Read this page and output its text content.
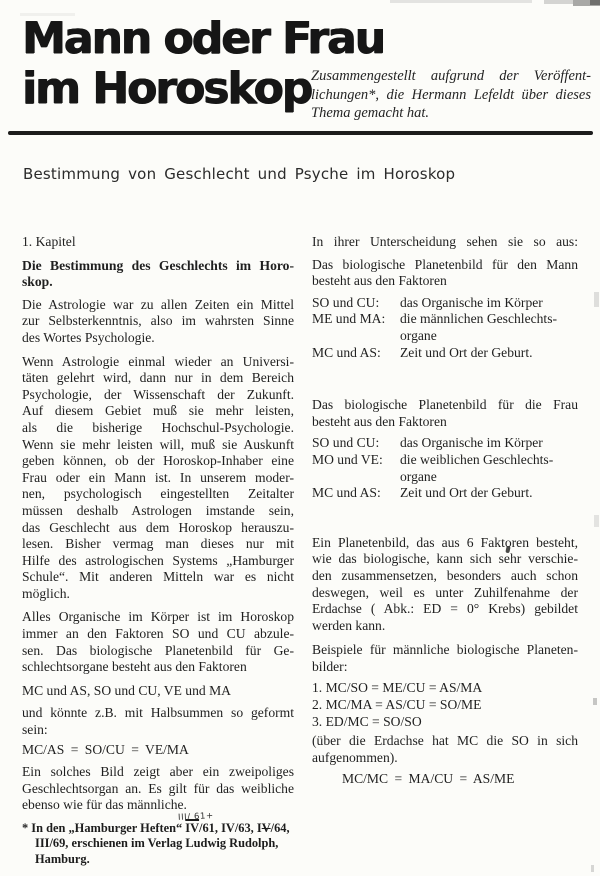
Mann oder Frau
im Horoskop Zusammengestellt aufgrund der Veröffent-
lichungen*, die Hermann Lefeldt über dieses
Thema gemacht hat.
Bestimmung von Geschlecht und Psyche im Horoskop
1. Kapitel
Die Bestimmung des Geschlechts im Horo-
skop.
Die Astrologie war zu allen Zeiten ein Mittel
zur Selbsterkenntnis, also im wahrsten Sinne
des Wortes Psychologie.
Wenn Astrologie einmal wieder an Universi-
täten gelehrt wird, dann nur in dem Bereich
Psychologie, der Wissenschaft der Zukunft.
Auf diesem Gebiet muß sie mehr leisten,
als die bisherige Hochschul-Psychologie.
Wenn sie mehr leisten will, muß sie Auskunft
geben können, ob der Horoskop-Inhaber eine
Frau oder ein Mann ist. In unserem moder-
nen, psychologisch eingestellten Zeitalter
müssen deshalb Astrologen imstande sein,
das Geschlecht aus dem Horoskop herauszu-
lesen. Bisher vermag man dieses nur mit
Hilfe des astrologischen Systems „Hamburger
Schule“. Mit anderen Mitteln war es nicht
möglich.
Alles Organische im Körper ist im Horoskop
immer an den Faktoren SO und CU abzule-
sen. Das biologische Planetenbild für Ge-
schlechtsorgane besteht aus den Faktoren
MC und AS, SO und CU, VE und MA
und könnte z.B. mit Halbsummen so geformt
sein:
MC/AS = SO/CU = VE/MA
Ein solches Bild zeigt aber ein zweipoliges
Geschlechtsorgan an. Es gilt für das weibliche
ebenso wie für das männliche.
In ihrer Unterscheidung sehen sie so aus:
Das biologische Planetenbild für den Mann
besteht aus den Faktoren
SO und CU:	das Organische im Körper
ME und MA:	die männlichen Geschlechts-
organe
MC und AS:	Zeit und Ort der Geburt.
Das biologische Planetenbild für die Frau
besteht aus den Faktoren
SO und CU:	das Organische im Körper
MO und VE:	die weiblichen Geschlechts-
organe
MC und AS:	Zeit und Ort der Geburt.
Ein Planetenbild, das aus 6 Faktoren besteht,
wie das biologische, kann sich sehr verschie-
den zusammensetzen, besonders auch schon
deswegen, weil es unter Zuhilfenahme der
Erdachse ( Abk.: ED = 0° Krebs) gebildet
werden kann.
Beispiele für männliche biologische Planeten-
bilder:
1. MC/SO = ME/CU = AS/MA
2. MC/MA = AS/CU = SO/ME
3. ED/MC = SO/SO
(über die Erdachse hat MC die SO in sich
aufgenommen).
MC/MC = MA/CU = AS/ME
* In den „Hamburger Heften“
III/ 61+
IV/61, IV/63, IV/64,
III/69, erschienen im Verlag Ludwig Rudolph,
Hamburg.
